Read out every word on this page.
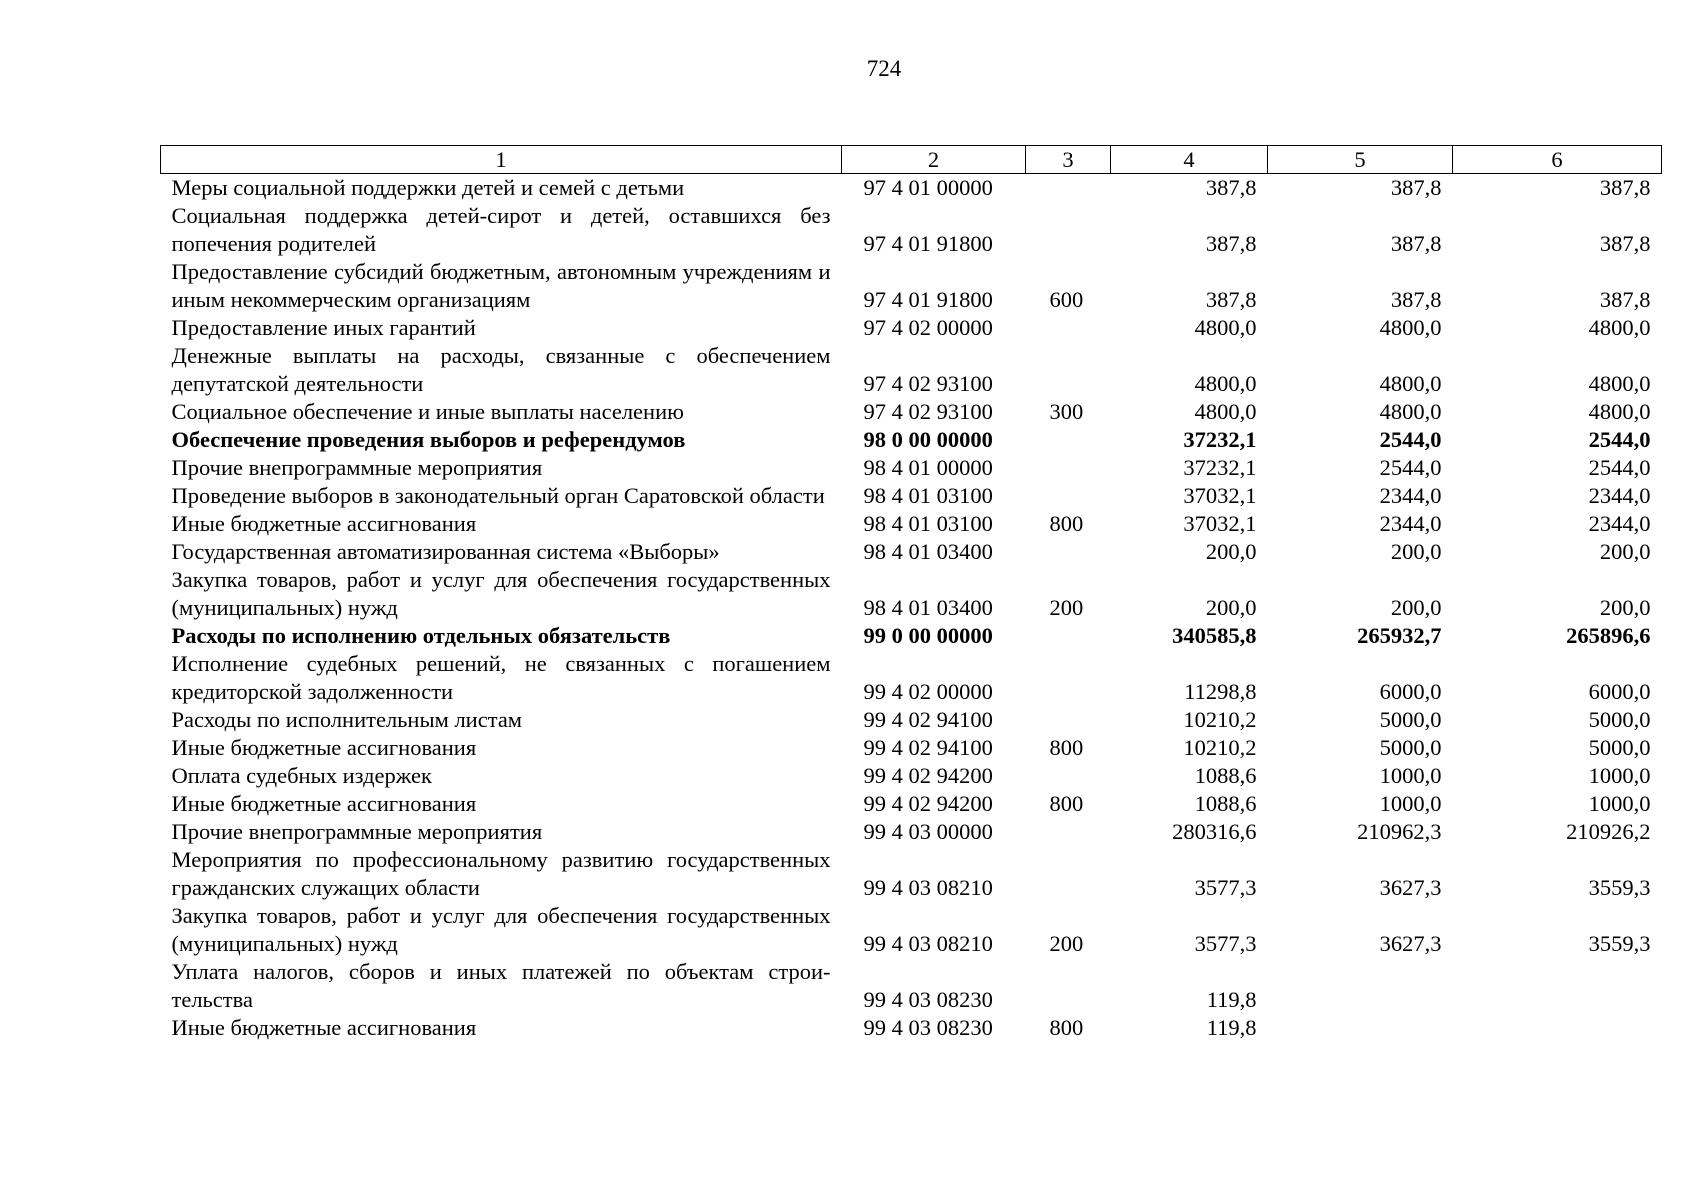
724
1	2	3	4	5	6
Меры социальной поддержки детей и семей с детьми	97 4 01 00000		387,8	387,8	387,8
Социальная поддержка детей-сирот и детей, оставшихся без попечения родителей	97 4 01 91800		387,8	387,8	387,8
Предоставление субсидий бюджетным, автономным учреждениям и иным некоммерческим организациям	97 4 01 91800	600	387,8	387,8	387,8
Предоставление иных гарантий	97 4 02 00000		4800,0	4800,0	4800,0
Денежные выплаты на расходы, связанные с обеспечением депутатской деятельности	97 4 02 93100		4800,0	4800,0	4800,0
Социальное обеспечение и иные выплаты населению	97 4 02 93100	300	4800,0	4800,0	4800,0
Обеспечение проведения выборов и референдумов	98 0 00 00000		37232,1	2544,0	2544,0
Прочие внепрограммные мероприятия	98 4 01 00000		37232,1	2544,0	2544,0
Проведение выборов в законодательный орган Саратовской области	98 4 01 03100		37032,1	2344,0	2344,0
Иные бюджетные ассигнования	98 4 01 03100	800	37032,1	2344,0	2344,0
Государственная автоматизированная система «Выборы»	98 4 01 03400		200,0	200,0	200,0
Закупка товаров, работ и услуг для обеспечения государственных (муниципальных) нужд	98 4 01 03400	200	200,0	200,0	200,0
Расходы по исполнению отдельных обязательств	99 0 00 00000		340585,8	265932,7	265896,6
Исполнение судебных решений, не связанных с погашением кредиторской задолженности	99 4 02 00000		11298,8	6000,0	6000,0
Расходы по исполнительным листам	99 4 02 94100		10210,2	5000,0	5000,0
Иные бюджетные ассигнования	99 4 02 94100	800	10210,2	5000,0	5000,0
Оплата судебных издержек	99 4 02 94200		1088,6	1000,0	1000,0
Иные бюджетные ассигнования	99 4 02 94200	800	1088,6	1000,0	1000,0
Прочие внепрограммные мероприятия	99 4 03 00000		280316,6	210962,3	210926,2
Мероприятия по профессиональному развитию государственных гражданских служащих области	99 4 03 08210		3577,3	3627,3	3559,3
Закупка товаров, работ и услуг для обеспечения государственных (муниципальных) нужд	99 4 03 08210	200	3577,3	3627,3	3559,3
Уплата налогов, сборов и иных платежей по объектам строительства	99 4 03 08230		119,8		
Иные бюджетные ассигнования	99 4 03 08230	800	119,8		
